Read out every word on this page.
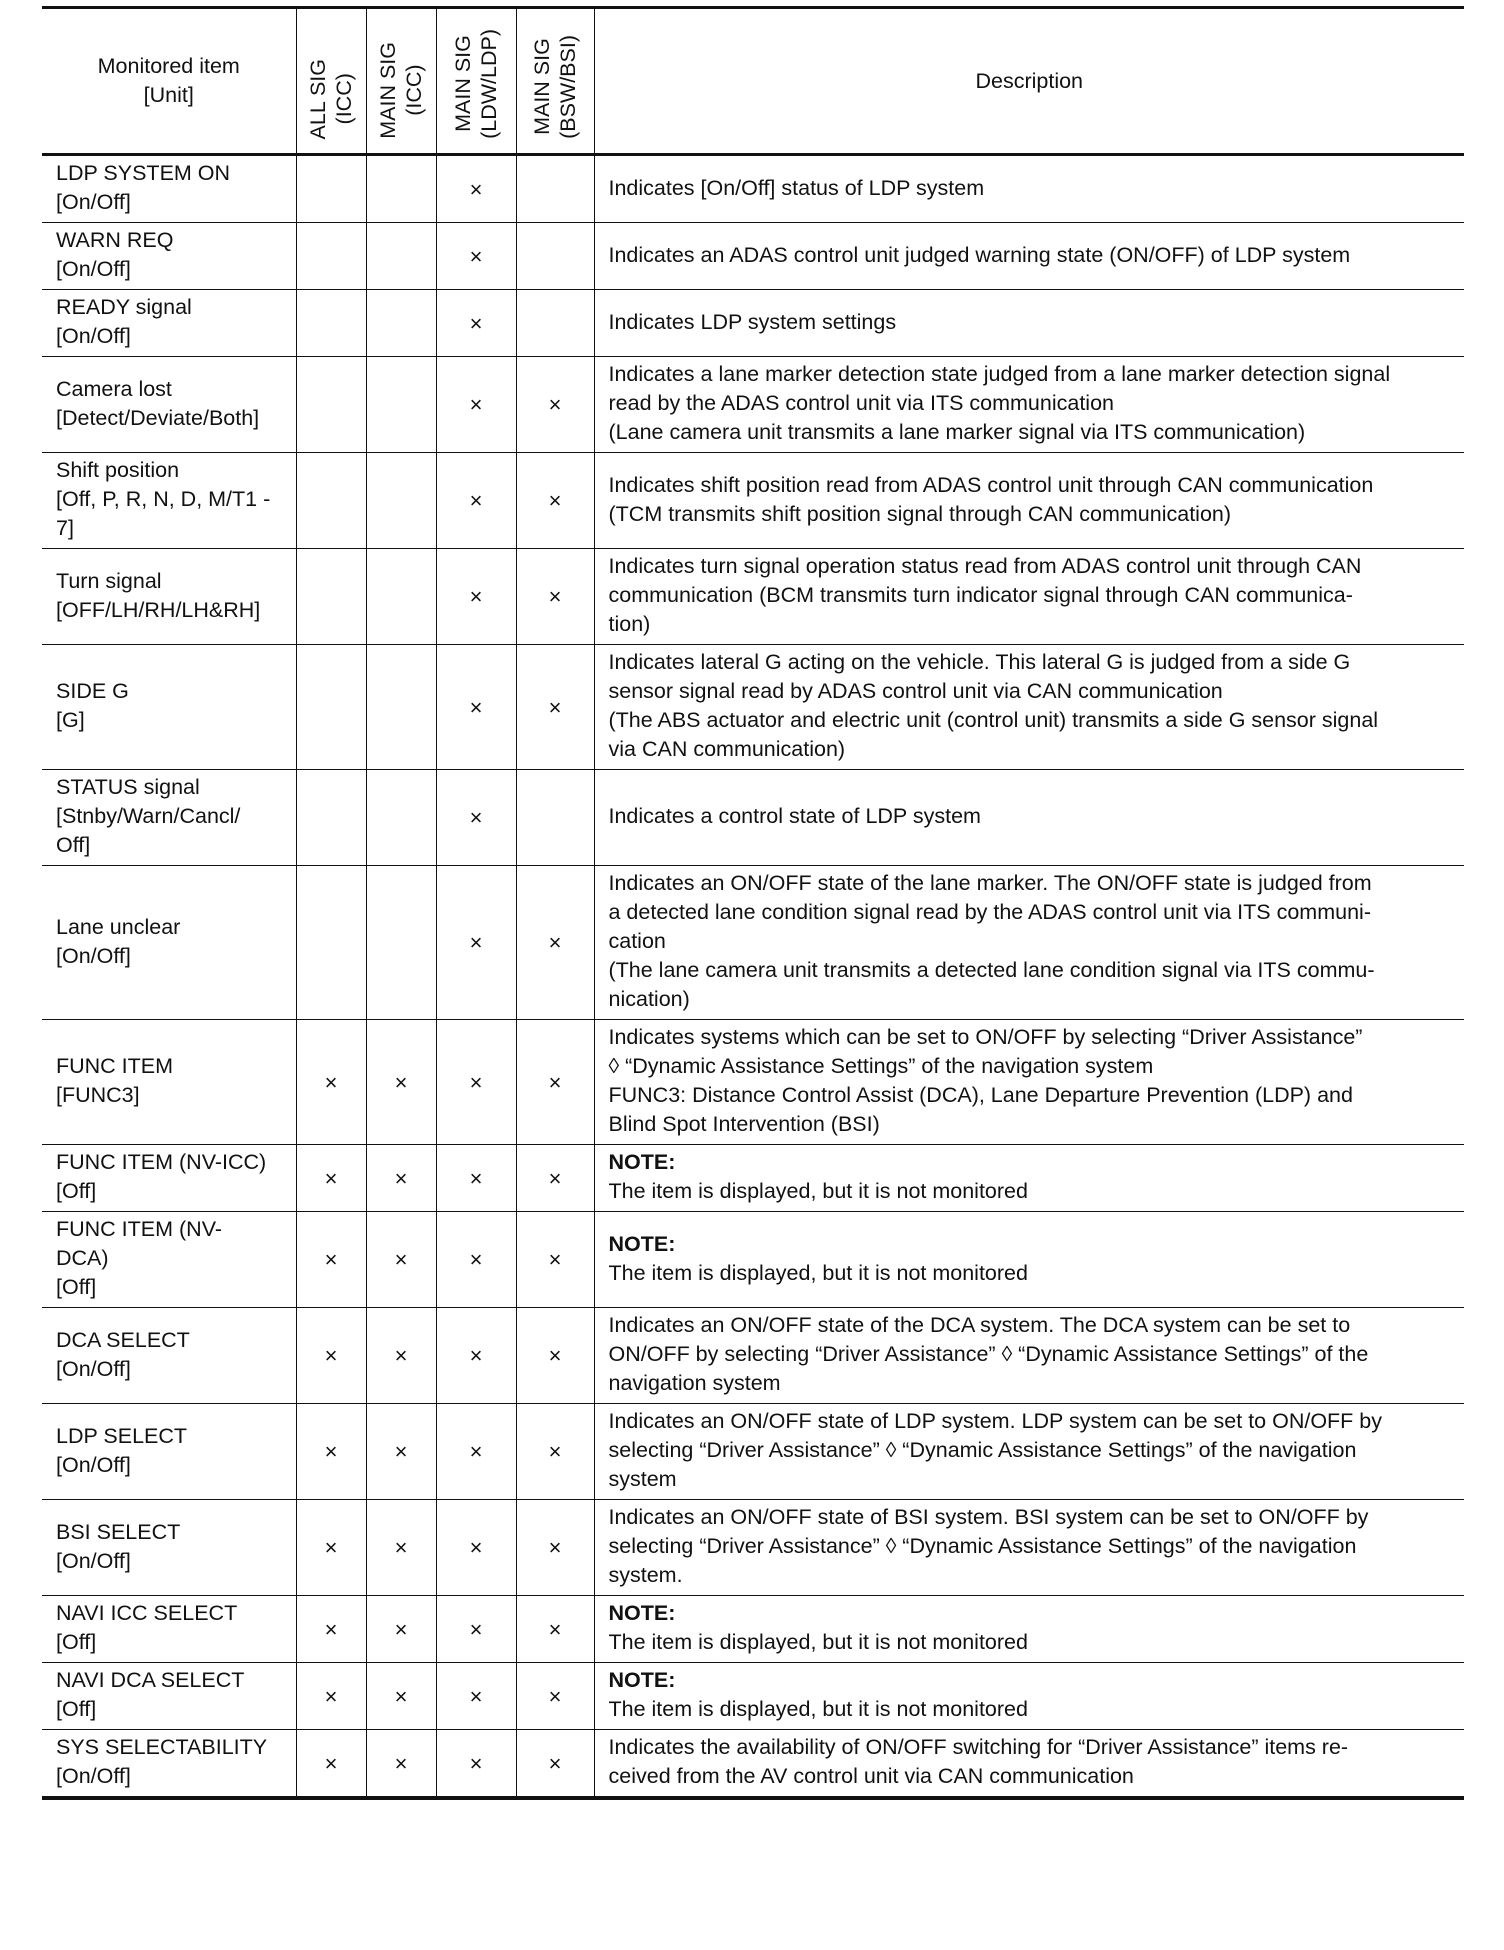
Monitored item
[Unit]	ALL SIG (ICC)	MAIN SIG (ICC)	MAIN SIG (LDW/LDP)	MAIN SIG (BSW/BSI)	Description

LDP SYSTEM ON
[On/Off]			×		Indicates [On/Off] status of LDP system

WARN REQ
[On/Off]			×		Indicates an ADAS control unit judged warning state (ON/OFF) of LDP system

READY signal
[On/Off]			×		Indicates LDP system settings

Camera lost
[Detect/Deviate/Both]			×	×	Indicates a lane marker detection state judged from a lane marker detection signal
read by the ADAS control unit via ITS communication
(Lane camera unit transmits a lane marker signal via ITS communication)

Shift position
[Off, P, R, N, D, M/T1 -
7]			×	×	Indicates shift position read from ADAS control unit through CAN communication
(TCM transmits shift position signal through CAN communication)

Turn signal
[OFF/LH/RH/LH&RH]			×	×	Indicates turn signal operation status read from ADAS control unit through CAN
communication (BCM transmits turn indicator signal through CAN communica-
tion)

SIDE G
[G]			×	×	Indicates lateral G acting on the vehicle. This lateral G is judged from a side G
sensor signal read by ADAS control unit via CAN communication
(The ABS actuator and electric unit (control unit) transmits a side G sensor signal
via CAN communication)

STATUS signal
[Stnby/Warn/Cancl/
Off]			×		Indicates a control state of LDP system

Lane unclear
[On/Off]			×	×	Indicates an ON/OFF state of the lane marker. The ON/OFF state is judged from
a detected lane condition signal read by the ADAS control unit via ITS communi-
cation
(The lane camera unit transmits a detected lane condition signal via ITS commu-
nication)

FUNC ITEM
[FUNC3]	×	×	×	×	Indicates systems which can be set to ON/OFF by selecting “Driver Assistance”
◊ “Dynamic Assistance Settings” of the navigation system
FUNC3: Distance Control Assist (DCA), Lane Departure Prevention (LDP) and
Blind Spot Intervention (BSI)

FUNC ITEM (NV-ICC)
[Off]	×	×	×	×	NOTE:
The item is displayed, but it is not monitored

FUNC ITEM (NV-
DCA)
[Off]	×	×	×	×	NOTE:
The item is displayed, but it is not monitored

DCA SELECT
[On/Off]	×	×	×	×	Indicates an ON/OFF state of the DCA system. The DCA system can be set to
ON/OFF by selecting “Driver Assistance” ◊ “Dynamic Assistance Settings” of the
navigation system

LDP SELECT
[On/Off]	×	×	×	×	Indicates an ON/OFF state of LDP system. LDP system can be set to ON/OFF by
selecting “Driver Assistance” ◊ “Dynamic Assistance Settings” of the navigation
system

BSI SELECT
[On/Off]	×	×	×	×	Indicates an ON/OFF state of BSI system. BSI system can be set to ON/OFF by
selecting “Driver Assistance” ◊ “Dynamic Assistance Settings” of the navigation
system.

NAVI ICC SELECT
[Off]	×	×	×	×	NOTE:
The item is displayed, but it is not monitored

NAVI DCA SELECT
[Off]	×	×	×	×	NOTE:
The item is displayed, but it is not monitored

SYS SELECTABILITY
[On/Off]	×	×	×	×	Indicates the availability of ON/OFF switching for “Driver Assistance” items re-
ceived from the AV control unit via CAN communication
